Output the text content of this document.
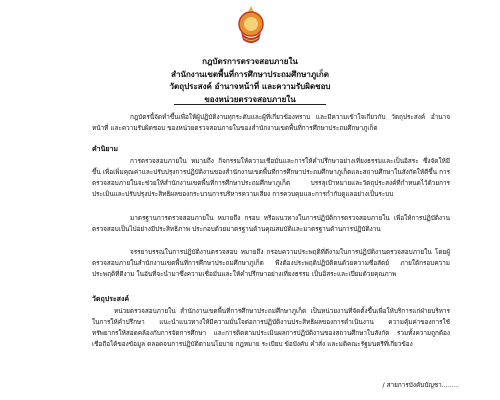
กฎบัตรการตรวจสอบภายใน
สำนักงานเขตพื้นที่การศึกษาประถมศึกษาภูเก็ต
วัตถุประสงค์ อำนาจหน้าที่ และความรับผิดชอบ
ของหน่วยตรวจสอบภายใน
กฎบัตรนี้จัดทำขึ้นเพื่อให้ผู้ปฏิบัติงานทุกระดับและผู้ที่เกี่ยวข้องทราบ และมีความเข้าใจเกี่ยวกับ วัตถุประสงค์ อำนาจหน้าที่ และความรับผิดชอบ ของหน่วยตรวจสอบภายในของสำนักงานเขตพื้นที่การศึกษาประถมศึกษาภูเก็ต
คำนิยาม
การตรวจสอบภายใน หมายถึง กิจกรรมให้ความเชื่อมั่นและการให้คำปรึกษาอย่างเที่ยงธรรมและเป็นอิสระ ซึ่งจัดให้มีขึ้น เพื่อเพิ่มคุณค่าและปรับปรุงการปฏิบัติงานของสำนักงานเขตพื้นที่การศึกษาประถมศึกษาภูเก็ตและสถานศึกษาในสังกัดให้ดีขึ้น การตรวจสอบภายในจะช่วยให้สำนักงานเขตพื้นที่การศึกษาประถมศึกษาภูเก็ต บรรลุเป้าหมายและวัตถุประสงค์ที่กำหนดไว้ด้วยการประเมินและปรับปรุงประสิทธิผลของกระบวนการบริหารความเสี่ยง การควบคุมและการกำกับดูแลอย่างเป็นระบบ
มาตรฐานการตรวจสอบภายใน หมายถึง กรอบ หรือแนวทางในการปฏิบัติการตรวจสอบภายใน เพื่อให้การปฏิบัติงานตรวจสอบเป็นไปอย่างมีประสิทธิภาพ ประกอบด้วยมาตรฐานด้านคุณสมบัติและมาตรฐานด้านการปฏิบัติงาน
จรรยาบรรณในการปฏิบัติงานตรวจสอบ หมายถึง กรอบความประพฤติที่ดีงามในการปฏิบัติงานตรวจสอบภายใน โดยผู้ตรวจสอบภายในสำนักงานเขตพื้นที่การศึกษาประถมศึกษาภูเก็ต พึงต้องประพฤติปฏิบัติตนด้วยความซื่อสัตย์ ภายใต้กรอบความประพฤติที่ดีงาม ในอันที่จะนำมาซึ่งความเชื่อมั่นและให้คำปรึกษาอย่างเที่ยงธรรม เป็นอิสระและเปี่ยมด้วยคุณภาพ
วัตถุประสงค์
หน่วยตรวจสอบภายใน สำนักงานเขตพื้นที่การศึกษาประถมศึกษาภูเก็ต เป็นหน่วยงานที่จัดตั้งขึ้นเพื่อให้บริการแก่ฝ่ายบริหารในการให้คำปรึกษา แนะนำแนวทางให้มีความมั่นใจต่อการปฏิบัติงานประสิทธิผลของการดำเนินงาน ความคุ้มค่าของการใช้ทรัพยากรให้สอดคล้องกับการจัดการศึกษา และการติดตามประเมินผลการปฏิบัติงานของสถานศึกษาในสังกัด รวมทั้งความถูกต้อง เชื่อถือได้ของข้อมูล ตลอดจนการปฏิบัติตามนโยบาย กฎหมาย ระเบียบ ข้อบังคับ คำสั่ง และมติคณะรัฐมนตรีที่เกี่ยวข้อง
/ สายการบังคับบัญชา........
